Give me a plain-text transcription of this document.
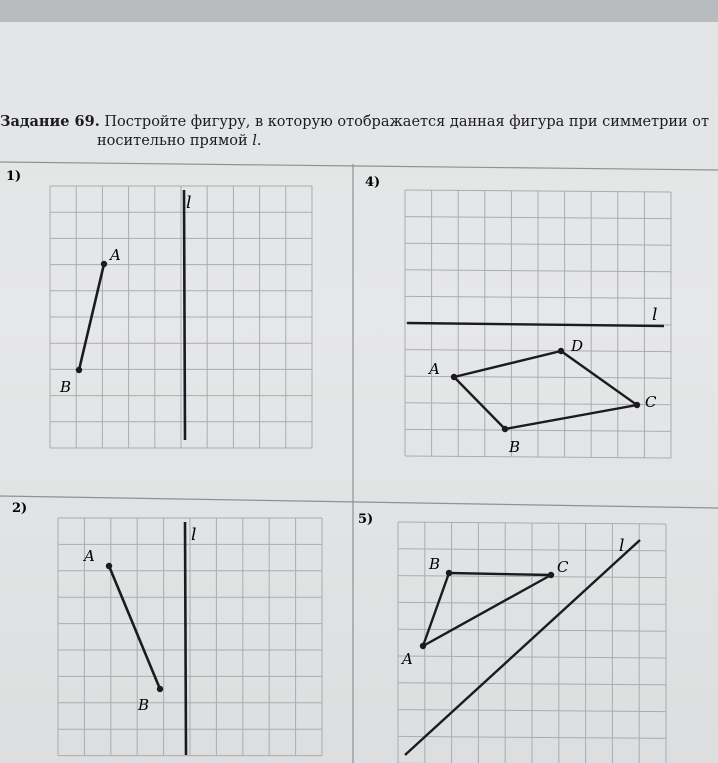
Задание 69. Постройте фигуру, в которую отображается данная фигура при симметрии от
носительно прямой l.
1)
2)
4)
5)
l
A
B
l
A
B
l
A
B
C
D
l
A
B	C
